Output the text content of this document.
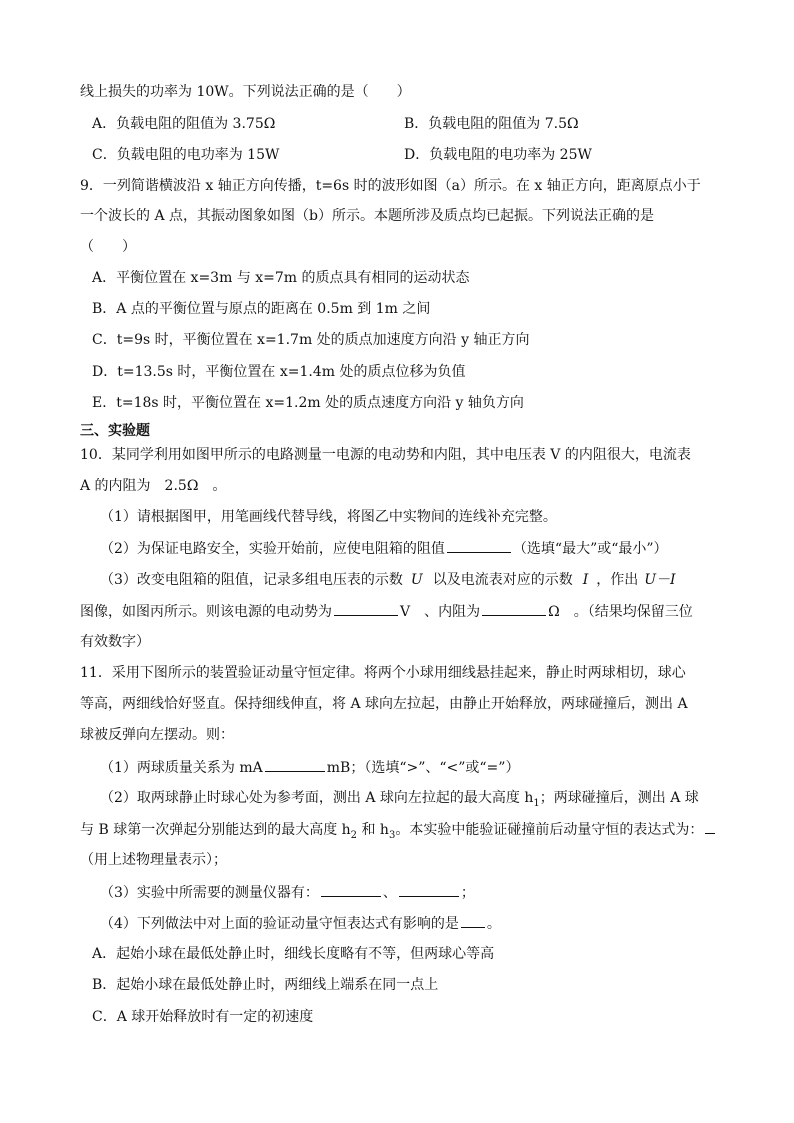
线上损失的功率为 10W。下列说法正确的是（　　）
A．负载电阻的阻值为 3.75Ω	B．负载电阻的阻值为 7.5Ω
C．负载电阻的电功率为 15W	D．负载电阻的电功率为 25W
9．一列简谐横波沿 x 轴正方向传播，t=6s 时的波形如图（a）所示。在 x 轴正方向，距离原点小于
一个波长的 A 点，其振动图象如图（b）所示。本题所涉及质点均已起振。下列说法正确的是
（　　）
A．平衡位置在 x=3m 与 x=7m 的质点具有相同的运动状态
B．A 点的平衡位置与原点的距离在 0.5m 到 1m 之间
C．t=9s 时，平衡位置在 x=1.7m 处的质点加速度方向沿 y 轴正方向
D．t=13.5s 时，平衡位置在 x=1.4m 处的质点位移为负值
E．t=18s 时，平衡位置在 x=1.2m 处的质点速度方向沿 y 轴负方向
三、实验题
10．某同学利用如图甲所示的电路测量一电源的电动势和内阻，其中电压表 V 的内阻很大，电流表
A 的内阻为　2.5Ω　。
（1）请根据图甲，用笔画线代替导线，将图乙中实物间的连线补充完整。
（2）为保证电路安全，实验开始前，应使电阻箱的阻值	（选填“最大”或“最小”）
（3）改变电阻箱的阻值，记录多组电压表的示数 U 以及电流表对应的示数 I ，作出 U－I
图像，如图丙所示。则该电源的电动势为	V　、内阻为	Ω　。（结果均保留三位
有效数字）
11．采用下图所示的装置验证动量守恒定律。将两个小球用细线悬挂起来，静止时两球相切，球心
等高，两细线恰好竖直。保持细线伸直，将 A 球向左拉起，由静止开始释放，两球碰撞后，测出 A
球被反弹向左摆动。则：
（1）两球质量关系为 mA	mB；（选填“>”、“<”或“=”）
（2）取两球静止时球心处为参考面，测出 A 球向左拉起的最大高度 $h_1$；两球碰撞后，测出 A 球
与 B 球第一次弹起分别能达到的最大高度 $h_2$ 和 $h_3$。本实验中能验证碰撞前后动量守恒的表达式为：
（用上述物理量表示）；
（3）实验中所需要的测量仪器有：	、	；
（4）下列做法中对上面的验证动量守恒表达式有影响的是 。
A．起始小球在最低处静止时，细线长度略有不等，但两球心等高
B．起始小球在最低处静止时，两细线上端系在同一点上
C．A 球开始释放时有一定的初速度
